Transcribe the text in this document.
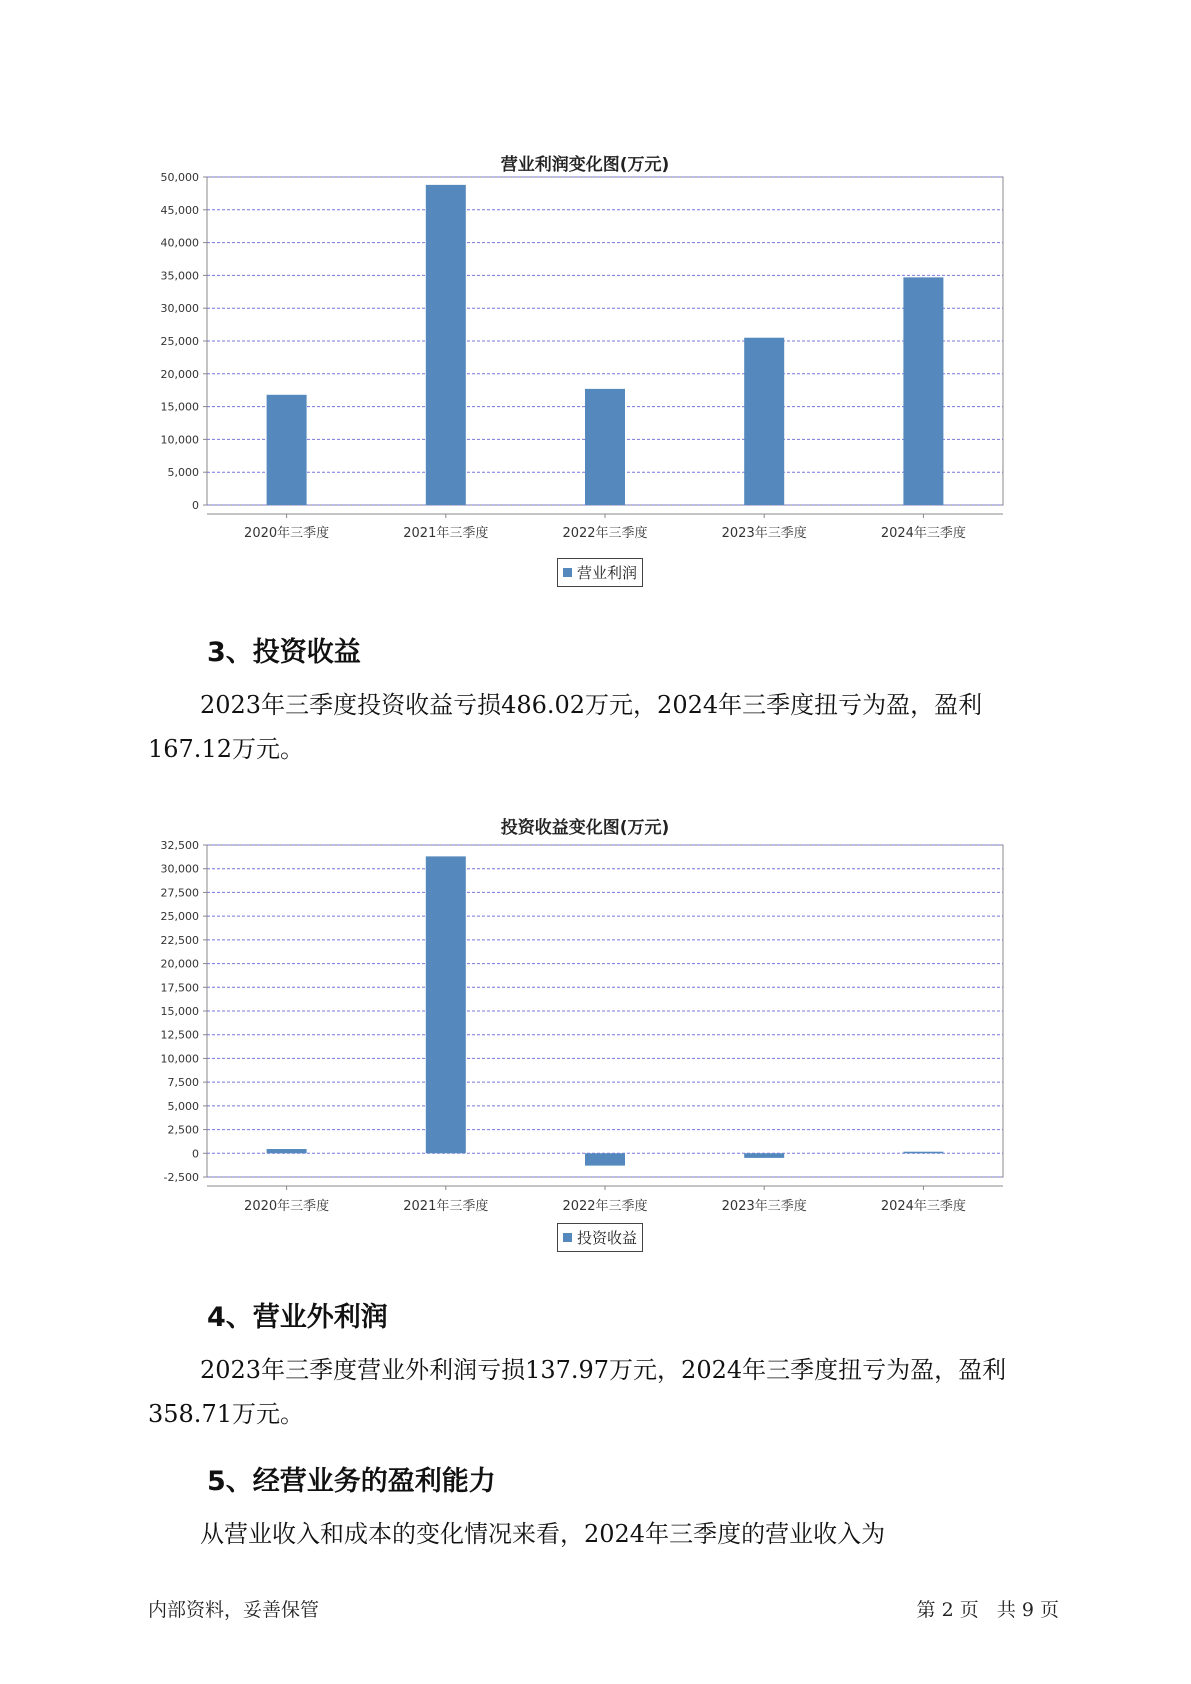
营业利润变化图(万元)
0
5,000
10,000
15,000
20,000
25,000
30,000
35,000
40,000
45,000
50,000
2020年三季度	2021年三季度	2022年三季度	2023年三季度	2024年三季度
营业利润
3、投资收益

2023年三季度投资收益亏损486.02万元，2024年三季度扭亏为盈，盈利167.12万元。

投资收益变化图(万元)
-2,500
0
2,500
5,000
7,500
10,000
12,500
15,000
17,500
20,000
22,500
25,000
27,500
30,000
32,500
2020年三季度	2021年三季度	2022年三季度	2023年三季度	2024年三季度
投资收益
4、营业外利润

2023年三季度营业外利润亏损137.97万元，2024年三季度扭亏为盈，盈利358.71万元。

5、经营业务的盈利能力

从营业收入和成本的变化情况来看，2024年三季度的营业收入为

内部资料，妥善保管	第 2 页   共 9 页
